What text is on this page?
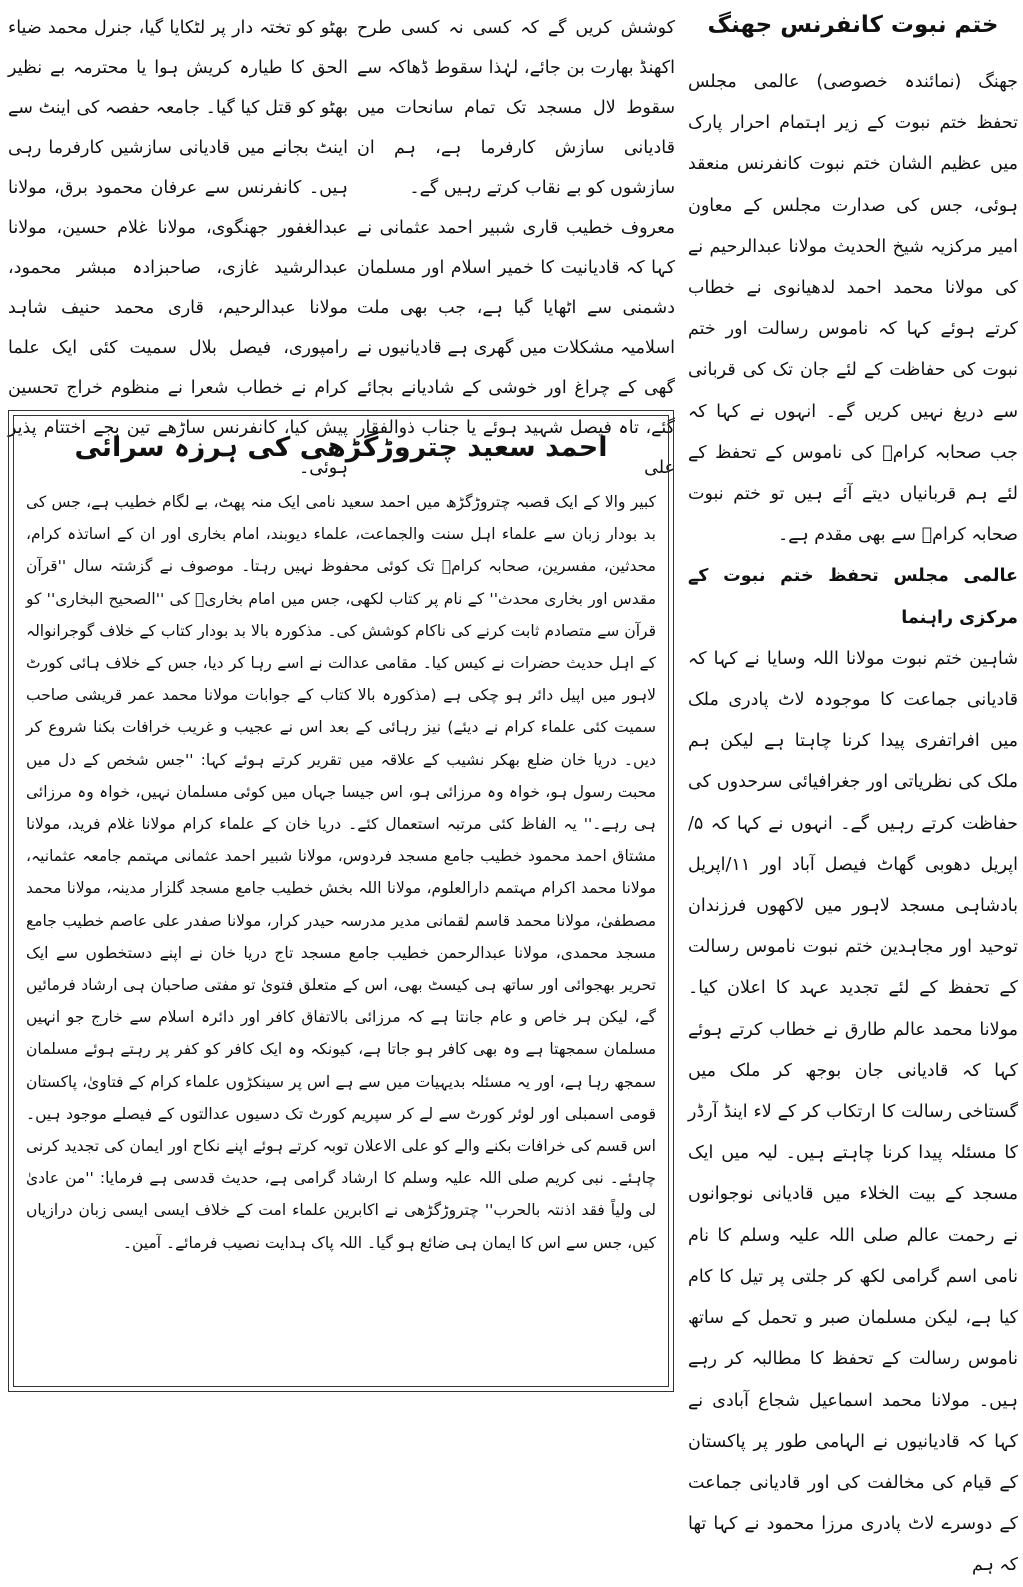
ختم نبوت کانفرنس جھنگ

جھنگ (نمائندہ خصوصی) عالمی مجلس تحفظ ختم نبوت کے زیر اہتمام احرار پارک میں عظیم الشان ختم نبوت کانفرنس منعقد ہوئی، جس کی صدارت مجلس کے معاون امیر مرکزیہ شیخ الحدیث مولانا عبدالرحیم نے کی مولانا محمد احمد لدھیانوی نے خطاب کرتے ہوئے کہا کہ ناموس رسالت اور ختم نبوت کی حفاظت کے لئے جان تک کی قربانی سے دریغ نہیں کریں گے۔ انہوں نے کہا کہ جب صحابہ کرامؓ کی ناموس کے تحفظ کے لئے ہم قربانیاں دیتے آئے ہیں تو ختم نبوت صحابہ کرامؓ سے بھی مقدم ہے۔

عالمی مجلس تحفظ ختم نبوت کے مرکزی راہنما

شاہین ختم نبوت مولانا اللہ وسایا نے کہا کہ قادیانی جماعت کا موجودہ لاٹ پادری ملک میں افراتفری پیدا کرنا چاہتا ہے لیکن ہم ملک کی نظریاتی اور جغرافیائی سرحدوں کی حفاظت کرتے رہیں گے۔ انہوں نے کہا کہ ۵/اپریل دھوبی گھاٹ فیصل آباد اور ۱۱/اپریل بادشاہی مسجد لاہور میں لاکھوں فرزندان توحید اور مجاہدین ختم نبوت ناموس رسالت کے تحفظ کے لئے تجدید عہد کا اعلان کیا۔ مولانا محمد عالم طارق نے خطاب کرتے ہوئے کہا کہ قادیانی جان بوجھ کر ملک میں گستاخی رسالت کا ارتکاب کر کے لاء اینڈ آرڈر کا مسئلہ پیدا کرنا چاہتے ہیں۔ لیہ میں ایک مسجد کے بیت الخلاء میں قادیانی نوجوانوں نے رحمت عالم صلی اللہ علیہ وسلم کا نام نامی اسم گرامی لکھ کر جلتی پر تیل کا کام کیا ہے، لیکن مسلمان صبر و تحمل کے ساتھ ناموس رسالت کے تحفظ کا مطالبہ کر رہے ہیں۔ مولانا محمد اسماعیل شجاع آبادی نے کہا کہ قادیانیوں نے الہامی طور پر پاکستان کے قیام کی مخالفت کی اور قادیانی جماعت کے دوسرے لاٹ پادری مرزا محمود نے کہا تھا کہ ہم

کوشش کریں گے کہ کسی نہ کسی طرح اکھنڈ بھارت بن جائے، لہٰذا سقوط ڈھاکہ سے سقوط لال مسجد تک تمام سانحات میں قادیانی سازش کارفرما ہے، ہم ان سازشوں کو بے نقاب کرتے رہیں گے۔

معروف خطیب قاری شبیر احمد عثمانی نے کہا کہ قادیانیت کا خمیر اسلام اور مسلمان دشمنی سے اٹھایا گیا ہے، جب بھی ملت اسلامیہ مشکلات میں گھری ہے قادیانیوں نے گھی کے چراغ اور خوشی کے شادیانے بجائے گئے، تاہ فیصل شہید ہوئے یا جناب ذوالفقار علی

بھٹو کو تختہ دار پر لٹکایا گیا، جنرل محمد ضیاء الحق کا طیارہ کریش ہوا یا محترمہ بے نظیر بھٹو کو قتل کیا گیا۔ جامعہ حفصہ کی اینٹ سے اینٹ بجانے میں قادیانی سازشیں کارفرما رہی ہیں۔ کانفرنس سے عرفان محمود برق، مولانا عبدالغفور جھنگوی، مولانا غلام حسین، مولانا عبدالرشید غازی، صاحبزادہ مبشر محمود، مولانا عبدالرحیم، قاری محمد حنیف شاہد رامپوری، فیصل بلال سمیت کئی ایک علما کرام نے خطاب شعرا نے منظوم خراج تحسین پیش کیا، کانفرنس ساڑھے تین بجے اختتام پذیر ہوئی۔

احمد سعید چتروڑگڑھی کی ہرزہ سرائی

کبیر والا کے ایک قصبہ چتروڑگڑھ میں احمد سعید نامی ایک منہ پھٹ، بے لگام خطیب ہے، جس کی بد بودار زبان سے علماء اہل سنت والجماعت، علماء دیوبند، امام بخاری اور ان کے اساتذہ کرام، محدثین، مفسرین، صحابہ کرامؓ تک کوئی محفوظ نہیں رہتا۔ موصوف نے گزشتہ سال ''قرآن مقدس اور بخاری محدث'' کے نام پر کتاب لکھی، جس میں امام بخاریؒ کی ''الصحیح البخاری'' کو قرآن سے متصادم ثابت کرنے کی ناکام کوشش کی۔ مذکورہ بالا بد بودار کتاب کے خلاف گوجرانوالہ کے اہل حدیث حضرات نے کیس کیا۔ مقامی عدالت نے اسے رہا کر دیا، جس کے خلاف ہائی کورٹ لاہور میں اپیل دائر ہو چکی ہے (مذکورہ بالا کتاب کے جوابات مولانا محمد عمر قریشی صاحب سمیت کئی علماء کرام نے دیئے) نیز رہائی کے بعد اس نے عجیب و غریب خرافات بکنا شروع کر دیں۔ دریا خان ضلع بھکر نشیب کے علاقہ میں تقریر کرتے ہوئے کہا: ''جس شخص کے دل میں محبت رسول ہو، خواہ وہ مرزائی ہو، اس جیسا جہاں میں کوئی مسلمان نہیں، خواہ وہ مرزائی ہی رہے۔'' یہ الفاظ کئی مرتبہ استعمال کئے۔ دریا خان کے علماء کرام مولانا غلام فرید، مولانا مشتاق احمد محمود خطیب جامع مسجد فردوس، مولانا شبیر احمد عثمانی مہتمم جامعہ عثمانیہ، مولانا محمد اکرام مہتمم دارالعلوم، مولانا اللہ بخش خطیب جامع مسجد گلزار مدینہ، مولانا محمد مصطفیٰ، مولانا محمد قاسم لقمانی مدیر مدرسہ حیدر کرار، مولانا صفدر علی عاصم خطیب جامع مسجد محمدی، مولانا عبدالرحمن خطیب جامع مسجد تاج دریا خان نے اپنے دستخطوں سے ایک تحریر بھجوائی اور ساتھ ہی کیسٹ بھی، اس کے متعلق فتویٰ تو مفتی صاحبان ہی ارشاد فرمائیں گے، لیکن ہر خاص و عام جانتا ہے کہ مرزائی بالاتفاق کافر اور دائرہ اسلام سے خارج جو انہیں مسلمان سمجھتا ہے وہ بھی کافر ہو جاتا ہے، کیونکہ وہ ایک کافر کو کفر پر رہتے ہوئے مسلمان سمجھ رہا ہے، اور یہ مسئلہ بدیہیات میں سے ہے اس پر سینکڑوں علماء کرام کے فتاویٰ، پاکستان قومی اسمبلی اور لوئر کورٹ سے لے کر سپریم کورٹ تک دسیوں عدالتوں کے فیصلے موجود ہیں۔ اس قسم کی خرافات بکنے والے کو علی الاعلان توبہ کرتے ہوئے اپنے نکاح اور ایمان کی تجدید کرنی چاہئے۔ نبی کریم صلی اللہ علیہ وسلم کا ارشاد گرامی ہے، حدیث قدسی ہے فرمایا: ''من عادیٰ لی ولیاً فقد اذنتہ بالحرب'' چتروڑگڑھی نے اکابرین علماء امت کے خلاف ایسی ایسی زبان درازیاں کیں، جس سے اس کا ایمان ہی ضائع ہو گیا۔ اللہ پاک ہدایت نصیب فرمائے۔ آمین۔
